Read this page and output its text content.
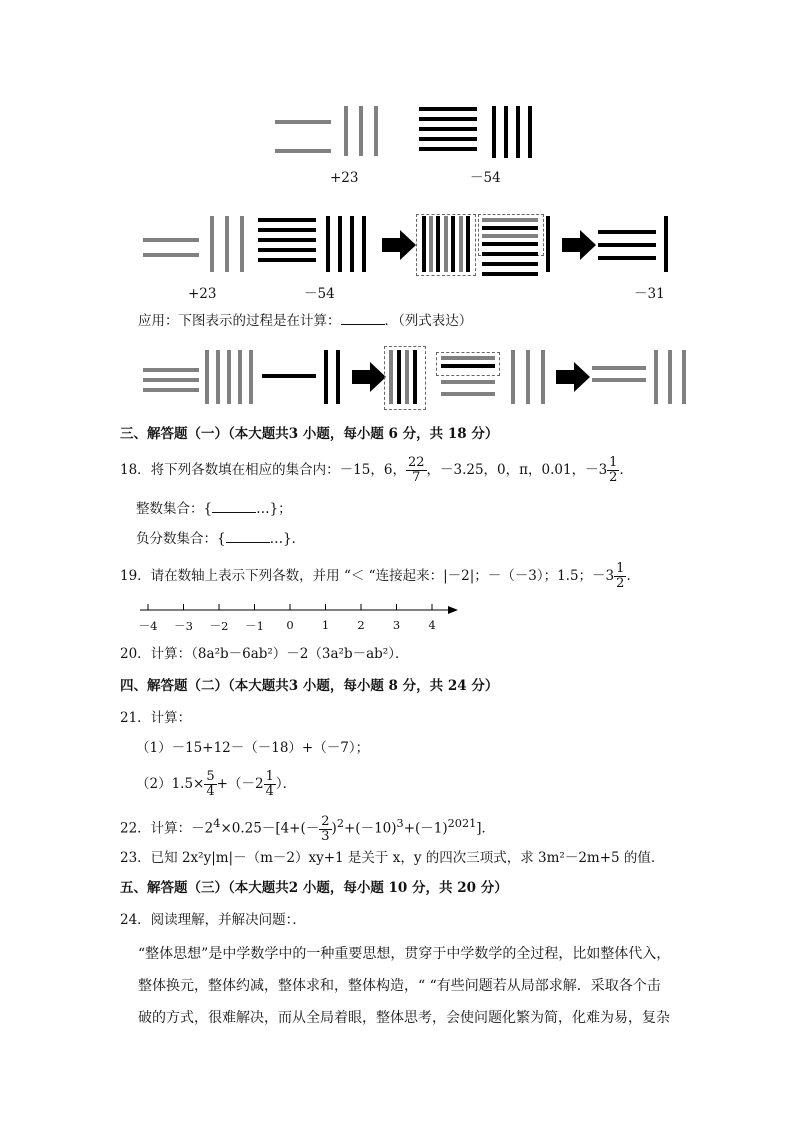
+23	－54
+23	－54	－31
应用：下图表示的过程是在计算：	．（列式表达）
三、解答题（一）（本大题共3 小题，每小题 6 分，共 18 分）
18．将下列各数填在相应的集合内：－15，6， $\frac{22}{7}$ ，－3.25，0，π，0.01，$-3 \frac{1}{2}$ ．
整数集合：{	…}；
负分数集合：{	…}．
19．请在数轴上表示下列各数，并用 “＜ “连接起来：|－2|；－（－3）；1.5；$-3 \frac{1}{2}$ ．
－4 －3 －2 －1	0	1	2	3	4
20．计算：（8a²b－6ab²）－2（3a²b－ab²）．
四、解答题（二）（本大题共3 小题，每小题 8 分，共 24 分）
21．计算：
（1）－15+12－（－18）+（－7）；
$(2)1.5\times \frac{5}{4} +(-2 \frac{1}{4}$ ）．
22．计算：$-2^4\times 0.25-[4+(- \frac{2}{3} )^2+(-10)^3+(-1)^{2021}]$．
23．已知 2x²y|m|－（m－2）xy+1 是关于 x，y 的四次三项式，求 3m²－2m+5 的值．
五、解答题（三）（本大题共2 小题，每小题 10 分，共 20 分）
24．阅读理解，并解决问题：．
“整体思想”是中学数学中的一种重要思想，贯穿于中学数学的全过程，比如整体代入，
整体换元，整体约减，整体求和，整体构造，“ “有些问题若从局部求解．采取各个击
破的方式，很难解决，而从全局着眼，整体思考，会使问题化繁为简，化难为易，复杂
